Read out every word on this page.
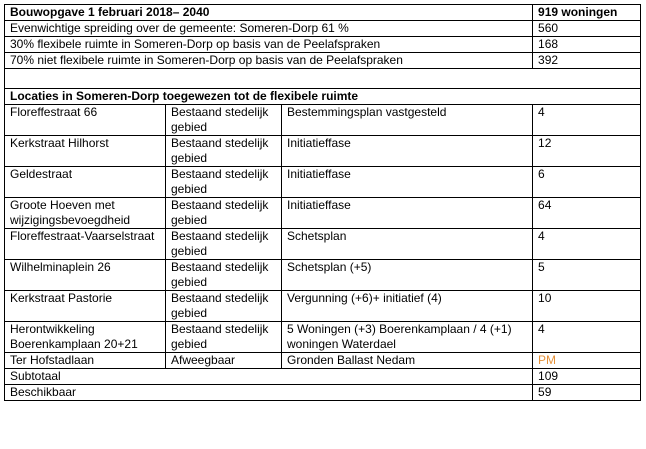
Bouwopgave 1 februari 2018– 2040			919 woningen
Evenwichtige spreiding over de gemeente: Someren-Dorp 61 %			560
30% flexibele ruimte in Someren-Dorp op basis van de Peelafspraken			168
70% niet flexibele ruimte in Someren-Dorp op basis van de Peelafspraken			392

Locaties in Someren-Dorp toegewezen tot de flexibele ruimte			
Floreffestraat 66	Bestaand stedelijk gebied	Bestemmingsplan vastgesteld	4
Kerkstraat Hilhorst	Bestaand stedelijk gebied	Initiatieffase	12
Geldestraat	Bestaand stedelijk gebied	Initiatieffase	6
Groote Hoeven met wijzigingsbevoegdheid	Bestaand stedelijk gebied	Initiatieffase	64
Floreffestraat-Vaarselstraat	Bestaand stedelijk gebied	Schetsplan	4
Wilhelminaplein 26	Bestaand stedelijk gebied	Schetsplan (+5)	5
Kerkstraat Pastorie	Bestaand stedelijk gebied	Vergunning (+6)+ initiatief (4)	10
Herontwikkeling Boerenkamplaan 20+21	Bestaand stedelijk gebied	5 Woningen (+3) Boerenkamplaan / 4 (+1) woningen Waterdael	4
Ter Hofstadlaan	Afweegbaar	Gronden Ballast Nedam	PM
Subtotaal			109
Beschikbaar			59
